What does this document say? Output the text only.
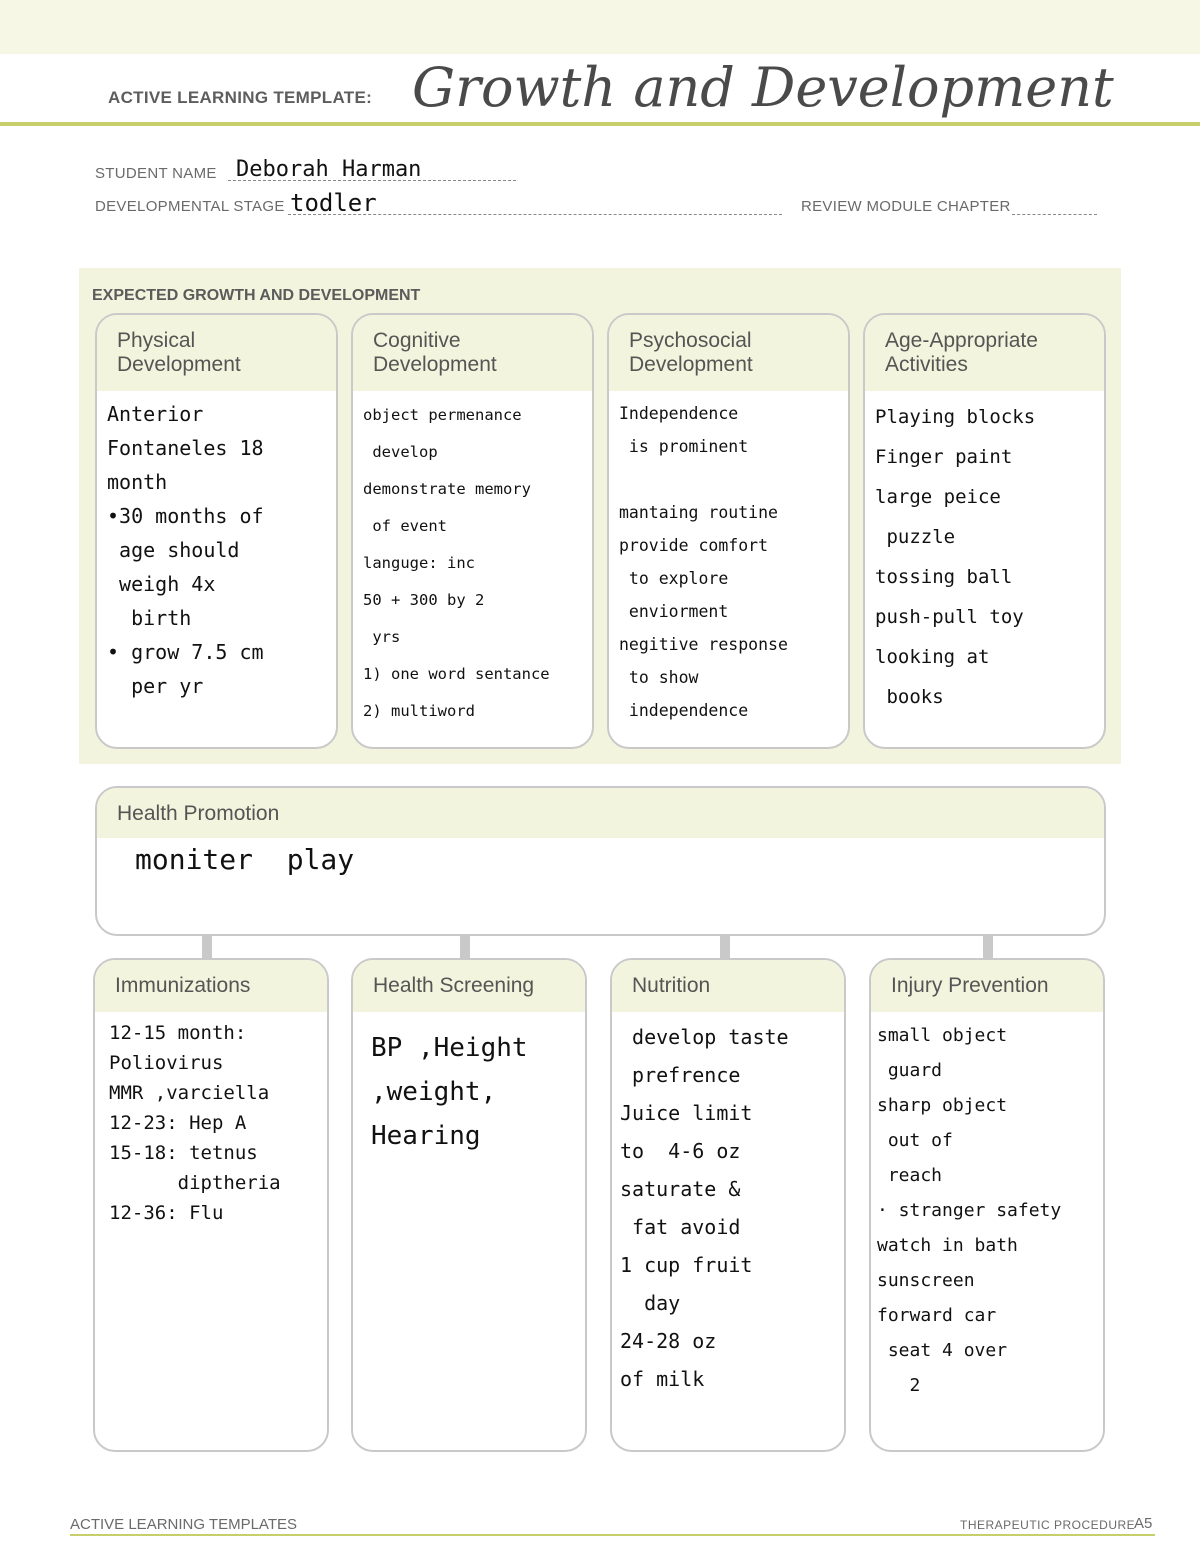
ACTIVE LEARNING TEMPLATE: Growth and Development
STUDENT NAME Deborah Harman
DEVELOPMENTAL STAGE todler	REVIEW MODULE CHAPTER
EXPECTED GROWTH AND DEVELOPMENT
Physical
Development
Anterior
Fontaneles 18
month
•30 months of
age should
weigh 4x
birth
• grow 7.5 cm
per yr
Cognitive
Development
object permenance
develop
demonstrate memory
of event
languge: inc
50 + 300 by 2
yrs
1) one word sentance
2) multiword
Psychosocial
Development
Independence
is prominent

mantaing routine
provide comfort
to explore
enviorment
negitive response
to show
independence
Age-Appropriate
Activities
Playing blocks
Finger paint
large peice
puzzle
tossing ball
push-pull toy
looking at
books
Health Promotion
moniter  play
Immunizations
12-15 month:
Poliovirus
MMR ,varciella
12-23: Hep A
15-18: tetnus
diptheria
12-36: Flu
Health Screening
BP ,Height
,weight,
Hearing
Nutrition
develop taste
prefrence
Juice limit
to  4-6 oz
saturate &
fat avoid
1 cup fruit
day
24-28 oz
of milk
Injury Prevention
small object
guard
sharp object
out of
reach
· stranger safety
watch in bath
sunscreen
forward car
seat 4 over
2
ACTIVE LEARNING TEMPLATES	THERAPEUTIC PROCEDURE
A5
